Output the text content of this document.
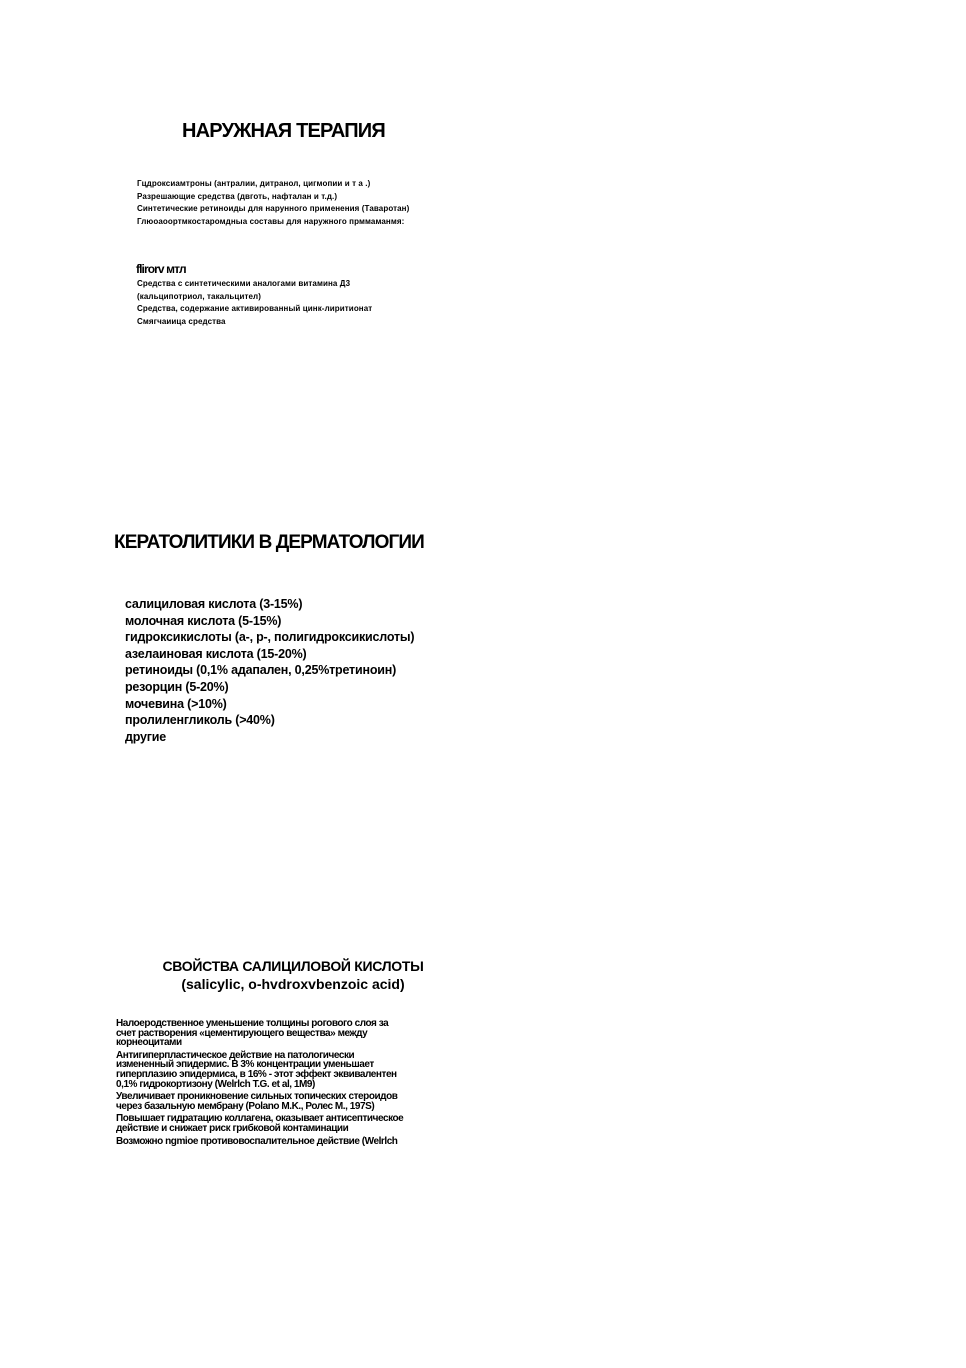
НАРУЖНАЯ ТЕРАПИЯ
Гцдроксиамтроны (антралии, дитранол, цигмопии и т а .)
Разрешающие средства (двготь, нафталан и т.д.)
Синтетические ретиноиды для нарунного применения (Таваротан)
Глюоаоортмкостаромдныа составы для наружного прммаманмя:
flirorv мтл
Средства с синтетическими аналогами витамина Д3
(кальципотриол, такальцител)
Средства, содержание активированный цинк-лиритионат
Смягчаиица средства
КЕРАТОЛИТИКИ В ДЕРМАТОЛОГИИ
салициловая кислота (3-15%)
молочная кислота (5-15%)
гидроксикислоты (а-, р-, полигидроксикислоты)
азелаиновая кислота (15-20%)
ретиноиды (0,1% адапален, 0,25%третиноин)
резорцин (5-20%)
мочевина (>10%)
пролиленгликоль (>40%)
другие
СВОЙСТВА САЛИЦИЛОВОЙ КИСЛОТЫ
(salicylic, o-hvdroxvbenzoic acid)
Налоеродственное уменьшение толщины рогового слоя за
счет растворения «цементирующего вещества» между
корнеоцитами
Антигиперпластическое действие на патологически
измененный эпидермис. В 3% концентрации уменьшает
гиперплазию эпидермиса, в 16% - этот эффект эквивалентен
0,1% гидрокортизону (Welrlch T.G. et al, 1M9)
Увеличивает проникновение сильных топических стероидов
через базальную мембрану (Polano M.K., Ролес M., 197S)
Повышает гидратацию коллагена, оказывает антисептическое
действие и снижает риск грибковой контаминации
Возможно ngmioe противовоспалительное действие (Welrlch
